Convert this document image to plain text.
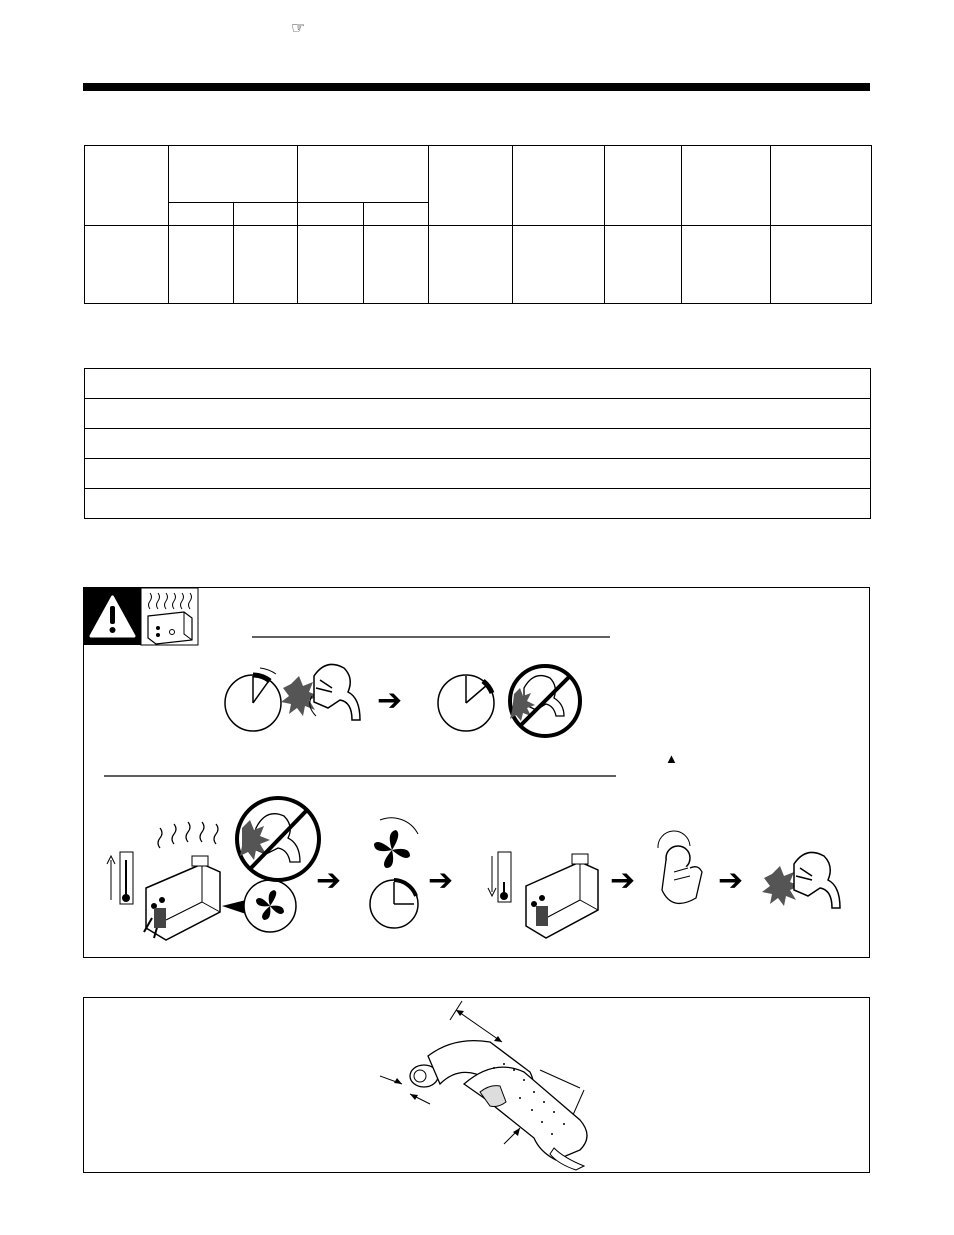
☞

➔
▲
➔	➔	➔	➔
